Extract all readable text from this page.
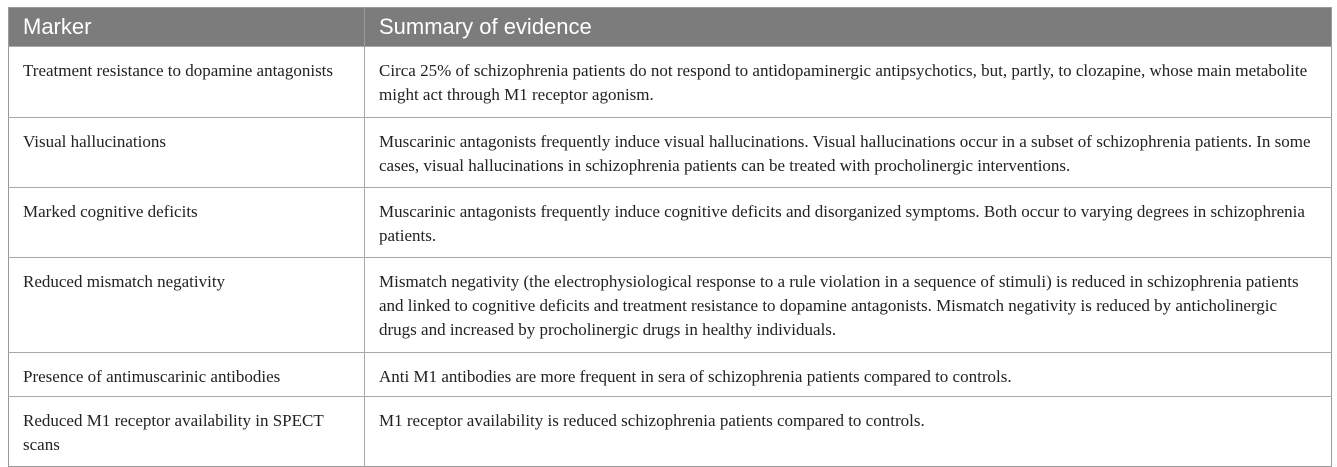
Marker	Summary of evidence
Treatment resistance to dopamine antagonists	Circa 25% of schizophrenia patients do not respond to antidopaminergic antipsychotics, but, partly, to clozapine, whose main metabolite might act through M1 receptor agonism.
Visual hallucinations	Muscarinic antagonists frequently induce visual hallucinations. Visual hallucinations occur in a subset of schizophrenia patients. In some cases, visual hallucinations in schizophrenia patients can be treated with procholinergic interventions.
Marked cognitive deficits	Muscarinic antagonists frequently induce cognitive deficits and disorganized symptoms. Both occur to varying degrees in schizophrenia patients.
Reduced mismatch negativity	Mismatch negativity (the electrophysiological response to a rule violation in a sequence of stimuli) is reduced in schizophrenia patients and linked to cognitive deficits and treatment resistance to dopamine antagonists. Mismatch negativity is reduced by anticholinergic drugs and increased by procholinergic drugs in healthy individuals.
Presence of antimuscarinic antibodies	Anti M1 antibodies are more frequent in sera of schizophrenia patients compared to controls.
Reduced M1 receptor availability in SPECT scans	M1 receptor availability is reduced schizophrenia patients compared to controls.
